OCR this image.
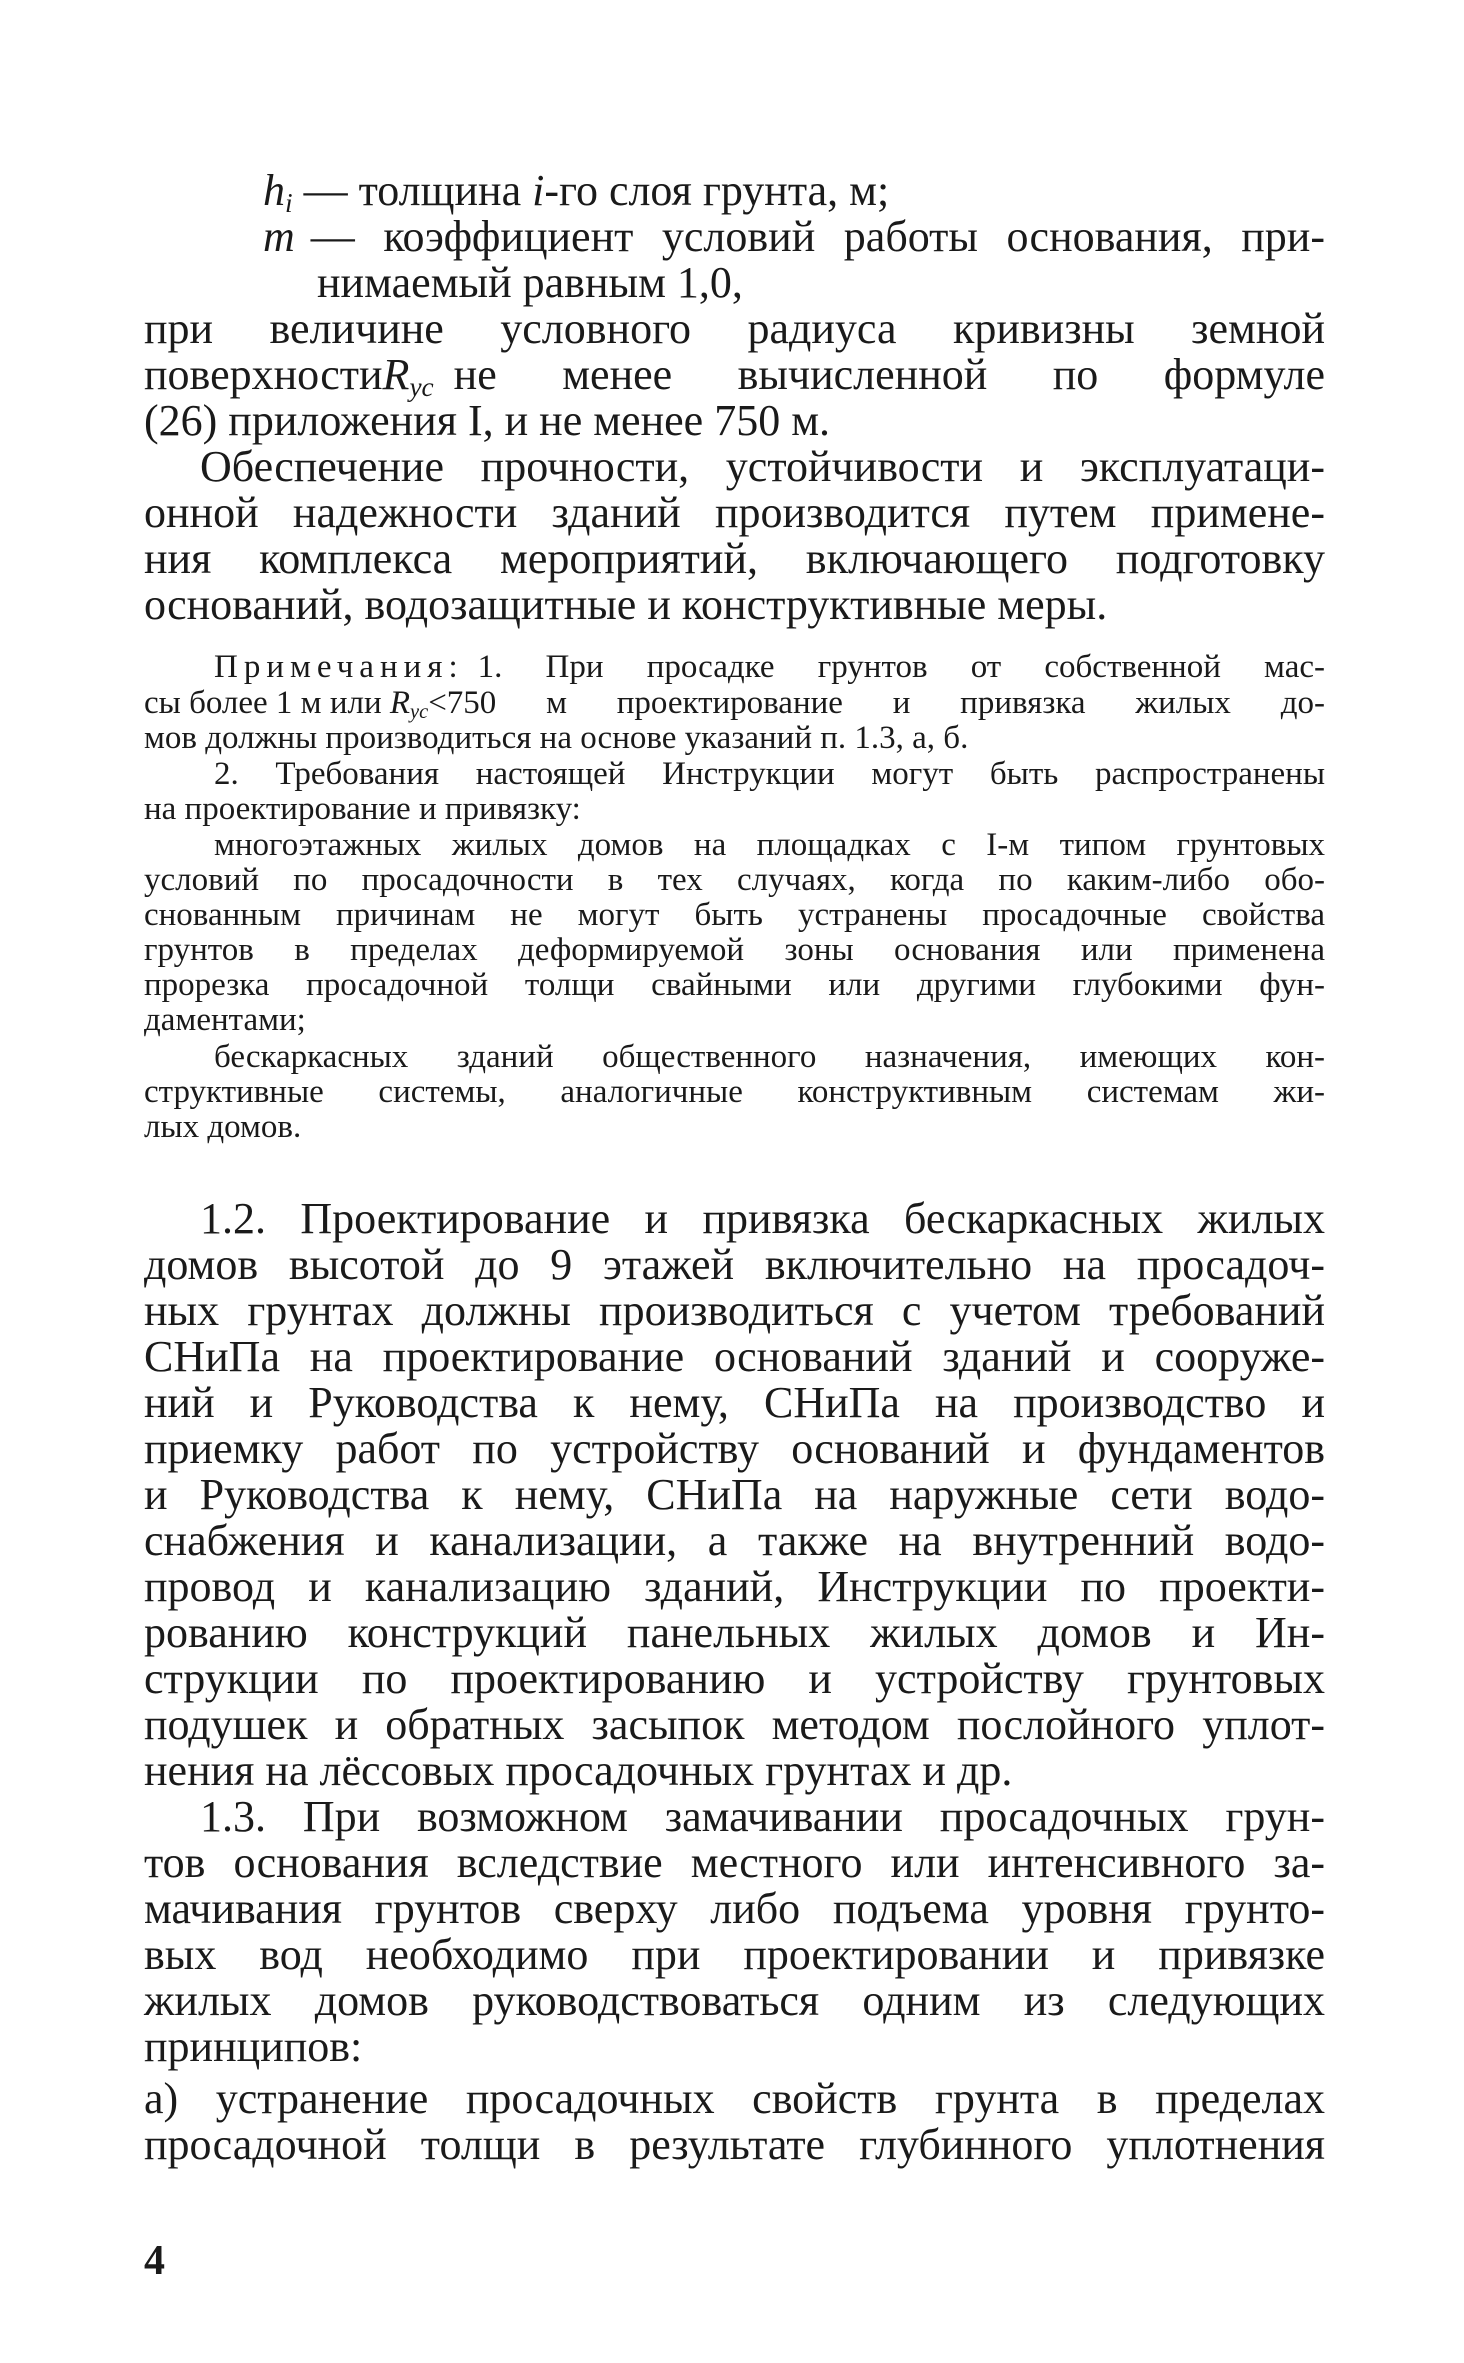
$h_i$
— толщина
i -го слоя грунта, м;
m — коэффициент условий работы основания, при-
нимаемый равным 1,0,
при величине условного радиуса кривизны земной
поверхности $R_{ус}$ не менее вычисленной по формуле
(26) приложения I, и не менее 750 м.
Обеспечение прочности, устойчивости и эксплуатаци-
онной надежности зданий производится путем примене-
ния комплекса мероприятий, включающего подготовку
оснований, водозащитные и конструктивные меры.
Примечания: 1. При просадке грунтов от собственной мас-
сы более 1 м или
$R_{ус} <750$ м проектирование и привязка жилых до-
мов должны производиться на основе указаний п. 1.3, а, б.
2. Требования настоящей Инструкции могут быть распространены
на проектирование и привязку:
многоэтажных жилых домов на площадках с I-м типом грунтовых
условий по просадочности в тех случаях, когда по каким-либо обо-
снованным причинам не могут быть устранены просадочные свойства
грунтов в пределах деформируемой зоны основания или применена
прорезка просадочной толщи свайными или другими глубокими фун-
даментами;
бескаркасных зданий общественного назначения, имеющих кон-
структивные системы, аналогичные конструктивным системам жи-
лых домов.
1.2. Проектирование и привязка бескаркасных жилых
домов высотой до 9 этажей включительно на просадоч-
ных грунтах должны производиться с учетом требований
СНиПа на проектирование оснований зданий и сооруже-
ний и Руководства к нему, СНиПа на производство и
приемку работ по устройству оснований и фундаментов
и Руководства к нему, СНиПа на наружные сети водо-
снабжения и канализации, а также на внутренний водо-
провод и канализацию зданий, Инструкции по проекти-
рованию конструкций панельных жилых домов и Ин-
струкции по проектированию и устройству грунтовых
подушек и обратных засыпок методом послойного уплот-
нения на лёссовых просадочных грунтах и др.
1.3. При возможном замачивании просадочных грун-
тов основания вследствие местного или интенсивного за-
мачивания грунтов сверху либо подъема уровня грунто-
вых вод необходимо при проектировании и привязке
жилых домов руководствоваться одним из следующих
принципов:
а) устранение просадочных свойств грунта в пределах
просадочной толщи в результате глубинного уплотнения
4
